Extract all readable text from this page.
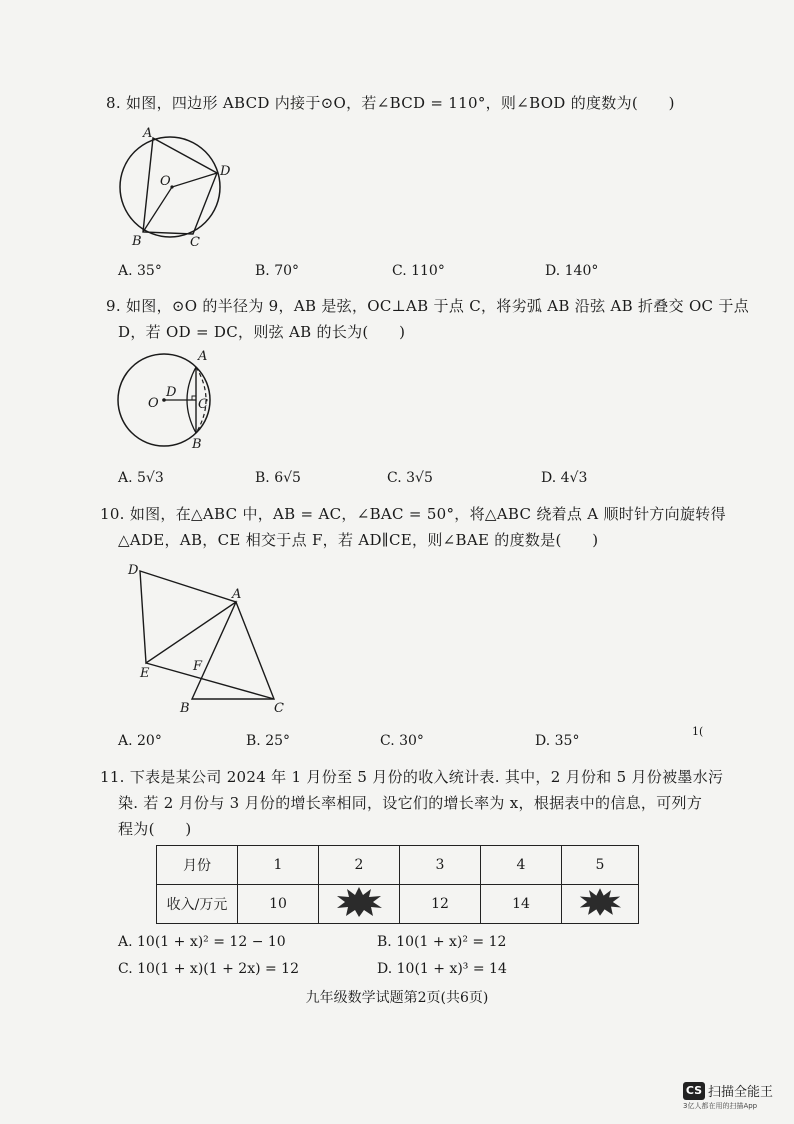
8. 如图，四边形 ABCD 内接于⊙O，若∠BCD = 110°，则∠BOD 的度数为(　　)
A
D
O
B	C
A. 35°	B. 70°	C. 110°	D. 140°
9. 如图，⊙O 的半径为 9，AB 是弦，OC⊥AB 于点 C，将劣弧 AB 沿弦 AB 折叠交 OC 于点
D，若 OD = DC，则弦 AB 的长为(　　)
A
D
O	C
B
A. 5√3	B. 6√5	C. 3√5	D. 4√3
10. 如图，在△ABC 中，AB = AC，∠BAC = 50°，将△ABC 绕着点 A 顺时针方向旋转得
△ADE，AB，CE 相交于点 F，若 AD∥CE，则∠BAE 的度数是(　　)
D
A
E	F
B	C
A. 20°	B. 25°	C. 30°	D. 35°
1(
11. 下表是某公司 2024 年 1 月份至 5 月份的收入统计表. 其中，2 月份和 5 月份被墨水污
染. 若 2 月份与 3 月份的增长率相同，设它们的增长率为 x，根据表中的信息，可列方
程为(　　)
月份	1	2	3	4	5
收入/万元	10		12	14	
A. 10(1 + x)² = 12 − 10	B. 10(1 + x)² = 12
C. 10(1 + x)(1 + 2x) = 12	D. 10(1 + x)³ = 14
九年级数学试题第2页(共6页)
CS 扫描全能王
3亿人都在用的扫描App
